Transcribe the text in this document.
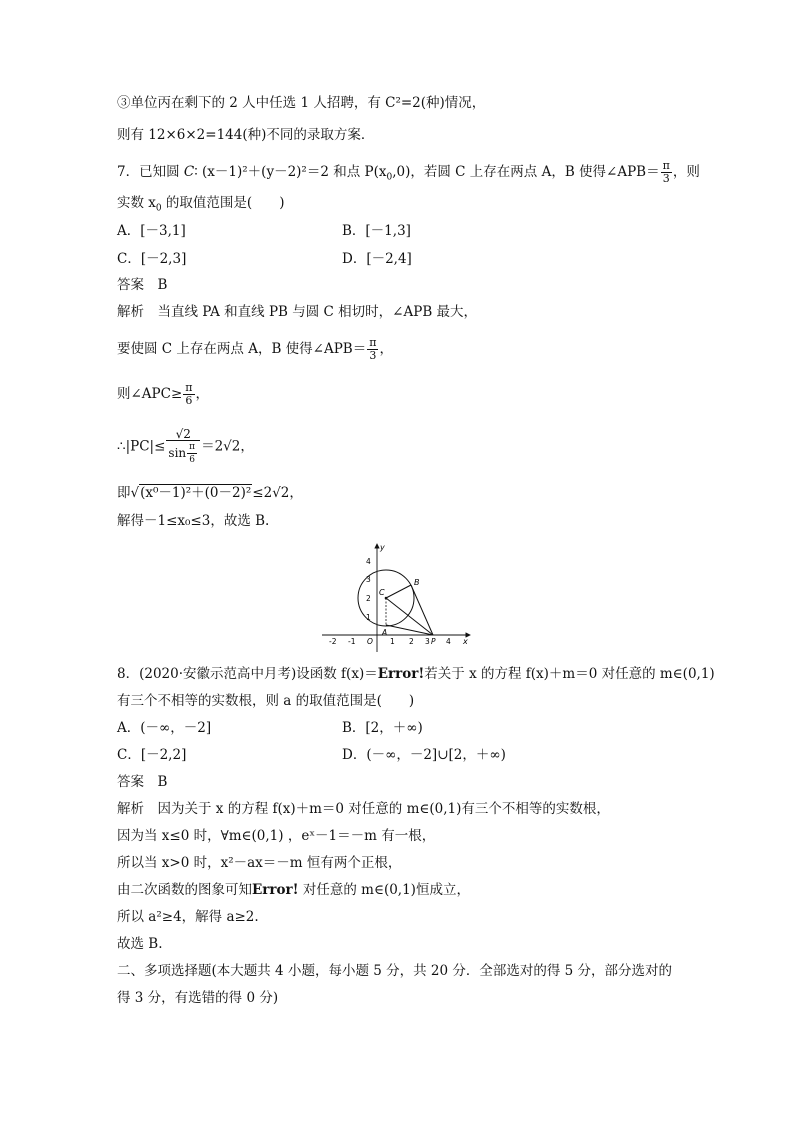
③单位丙在剩下的 2 人中任选 1 人招聘，有 C²=2(种)情况，
则有 12×6×2=144(种)不同的录取方案．
7．已知圆 C∶ (x－1)²＋(y－2)²＝2 和点 $P(x_0,0)$，若圆 C 上存在两点 A，B 使得∠APB＝ $\frac{\pi}{3}$ ，则
实数 $x_0$ 的取值范围是(　　)
A．[－3,1]	B．[－1,3]
C．[－2,3]	D．[－2,4]
答案　B
解析　当直线 PA 和直线 PB 与圆 C 相切时，∠APB 最大，
要使圆 C 上存在两点 A，B 使得∠APB＝ $\frac{\pi}{3}$ ，
则∠APC≥ $\frac{\pi}{6}$ ，
∴|PC|≤ $\frac{√2}{\sin \frac{\pi}{6}} =2√2$，
即√(x⁰－1)²＋(0－2)²≤2√2，
解得－1≤x₀≤3，故选 B.
x
y
-2 -1 O 1 2 3 4
1
2
3
4
C
B
A
P
8．(2020·安徽示范高中月考)设函数 f(x)＝Error!若关于 x 的方程 f(x)＋m＝0 对任意的 m∈(0,1)
有三个不相等的实数根，则 a 的取值范围是(　　)
A．(－∞，－2]	B．[2，＋∞)
C．[－2,2]	D．(－∞，－2]∪[2，＋∞)
答案　B
解析　因为关于 x 的方程 f(x)＋m＝0 对任意的 m∈(0,1)有三个不相等的实数根，
因为当 x≤0 时，∀m∈(0,1) ，eˣ－1＝－m 有一根，
所以当 x>0 时，x²－ax＝－m 恒有两个正根，
由二次函数的图象可知Error! 对任意的 m∈(0,1)恒成立，
所以 a²≥4，解得 a≥2.
故选 B.
二、多项选择题(本大题共 4 小题，每小题 5 分，共 20 分．全部选对的得 5 分，部分选对的
得 3 分，有选错的得 0 分)
